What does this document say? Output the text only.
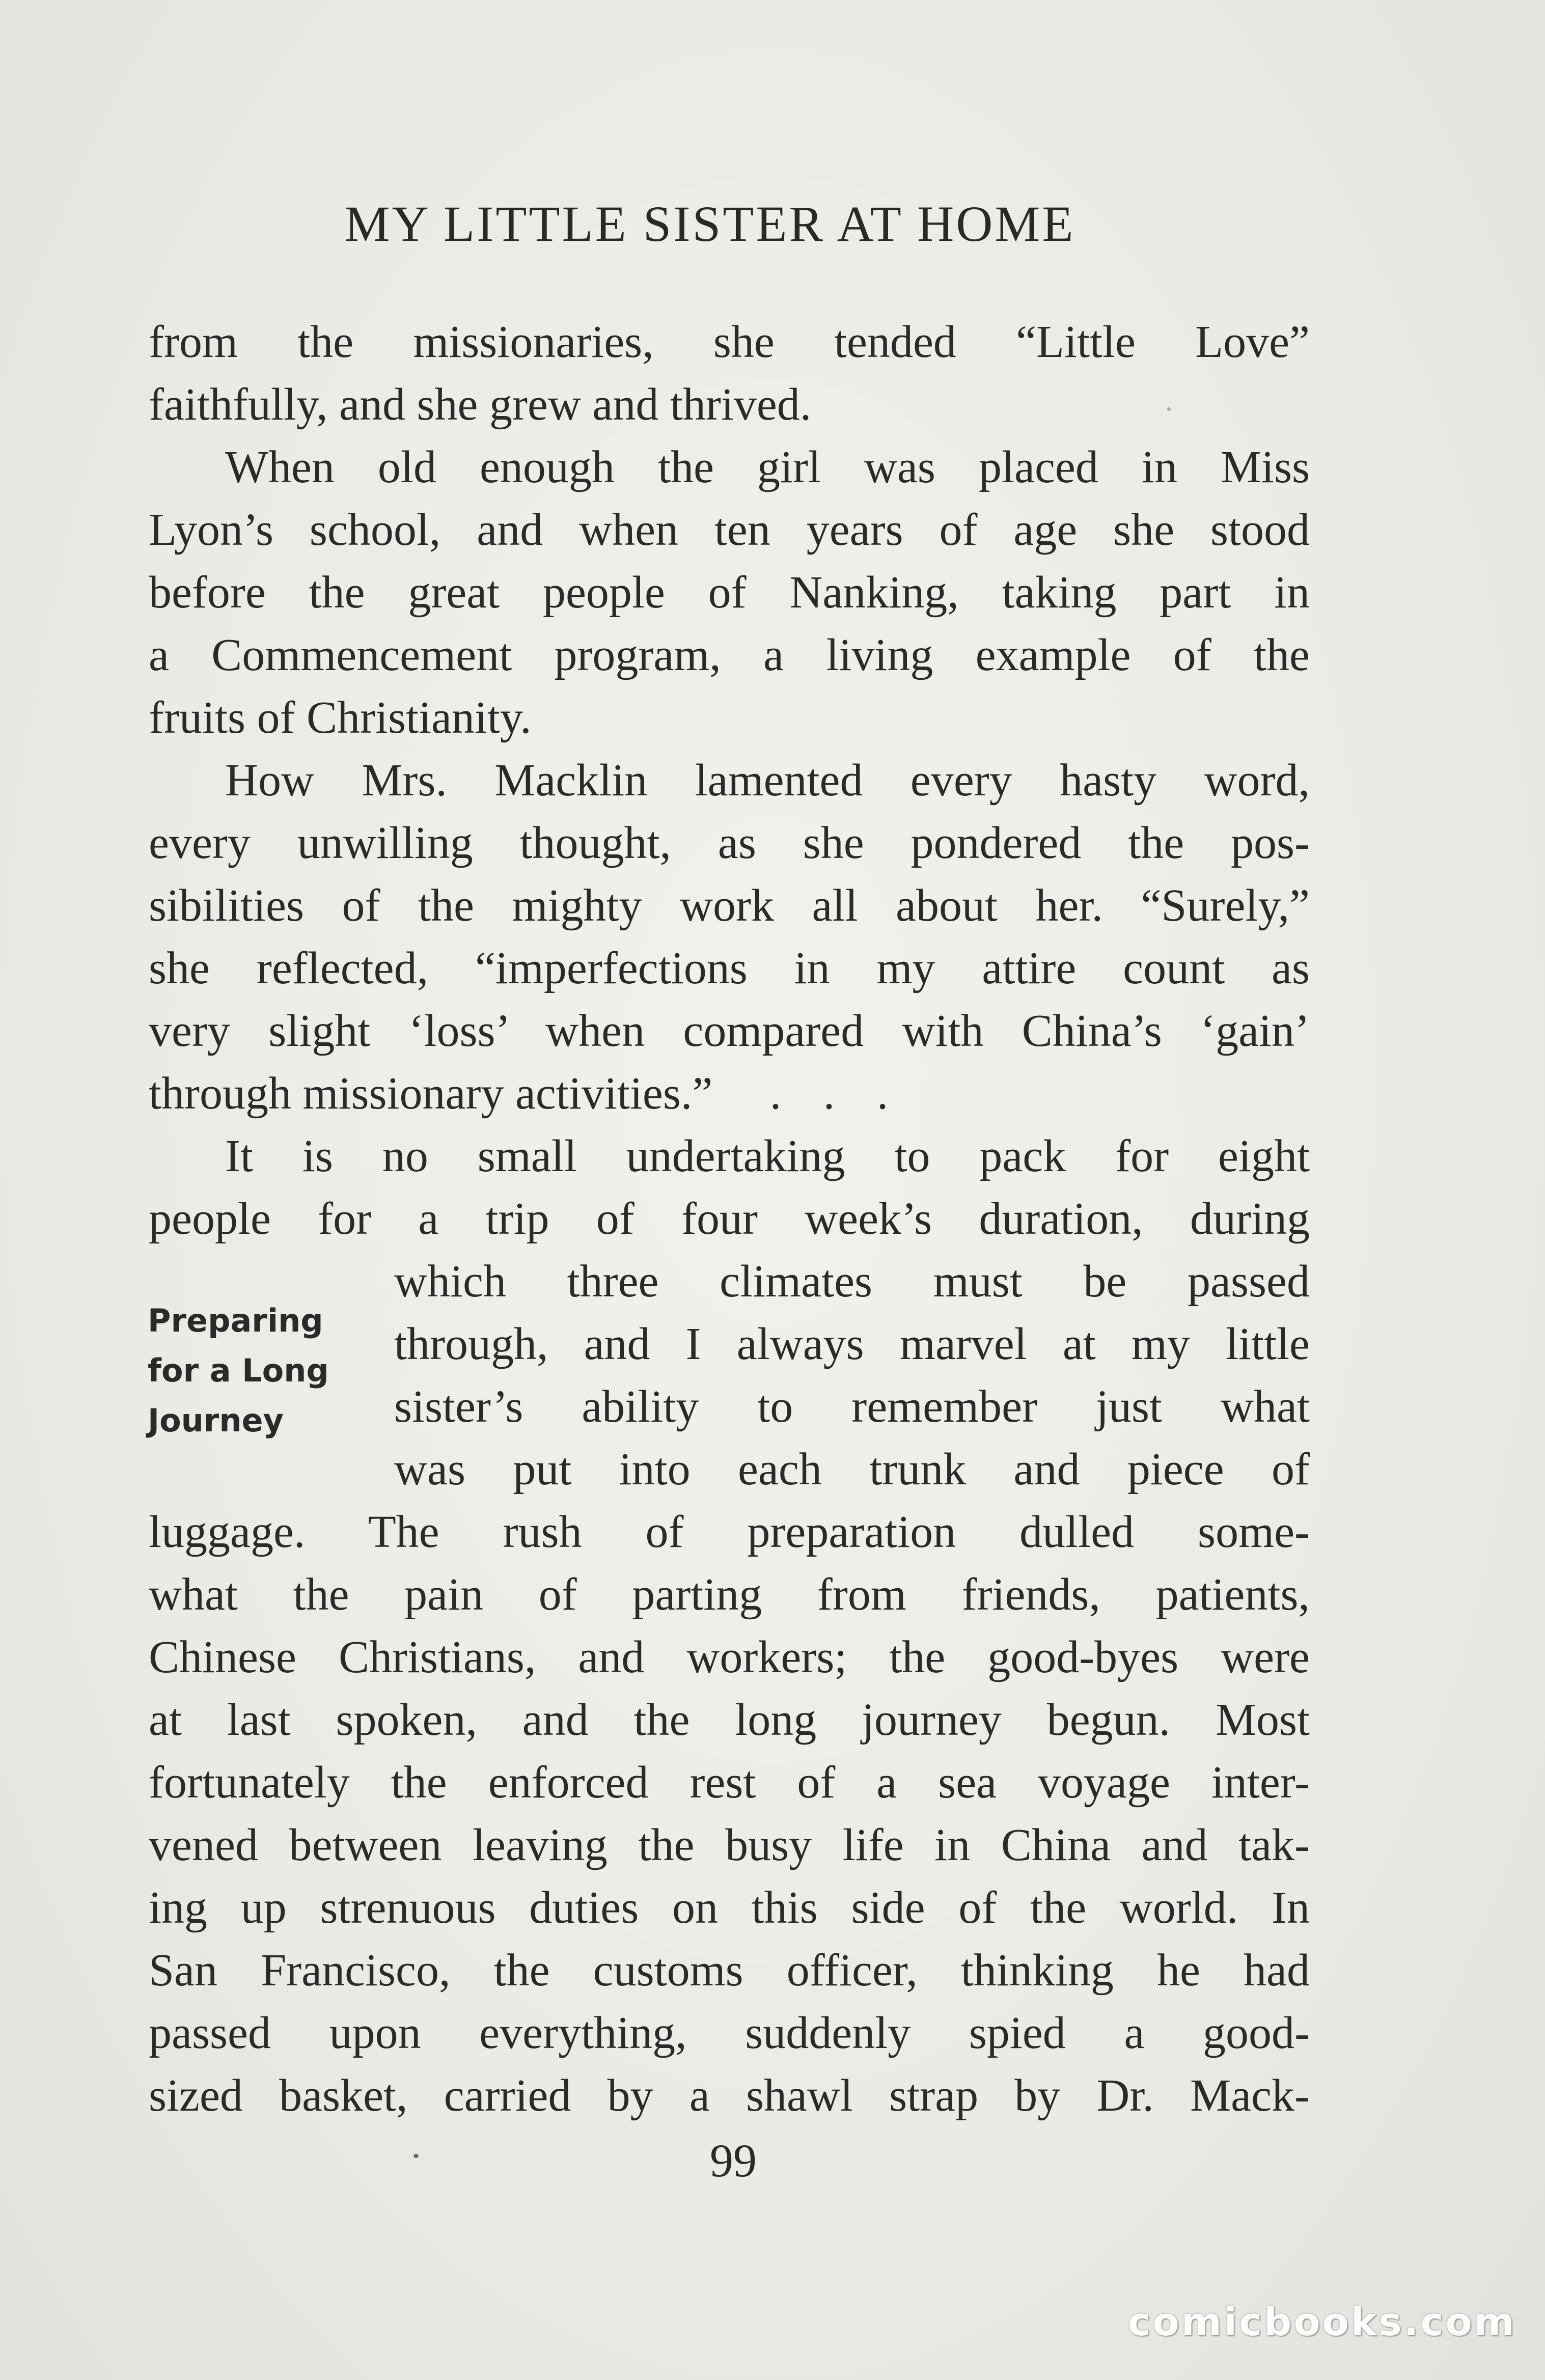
MY LITTLE SISTER AT HOME
from the missionaries, she tended “Little Love”
faithfully, and she grew and thrived.
When old enough the girl was placed in Miss
Lyon’s school, and when ten years of age she stood
before the great people of Nanking, taking part in
a Commencement program, a living example of the
fruits of Christianity.
How Mrs. Macklin lamented every hasty word,
every unwilling thought, as she pondered the pos-
sibilities of the mighty work all about her. “Surely,”
she reflected, “imperfections in my attire count as
very slight ‘loss’ when compared with China’s ‘gain’
through missionary activities.” . . .
It is no small undertaking to pack for eight
people for a trip of four week’s duration, during
which three climates must be passed
through, and I always marvel at my little
sister’s ability to remember just what
was put into each trunk and piece of
luggage. The rush of preparation dulled some-
what the pain of parting from friends, patients,
Chinese Christians, and workers; the good-byes were
at last spoken, and the long journey begun. Most
fortunately the enforced rest of a sea voyage inter-
vened between leaving the busy life in China and tak-
ing up strenuous duties on this side of the world. In
San Francisco, the customs officer, thinking he had
passed upon everything, suddenly spied a good-
sized basket, carried by a shawl strap by Dr. Mack-
Preparing
for a Long
Journey
99
comicbooks.com
